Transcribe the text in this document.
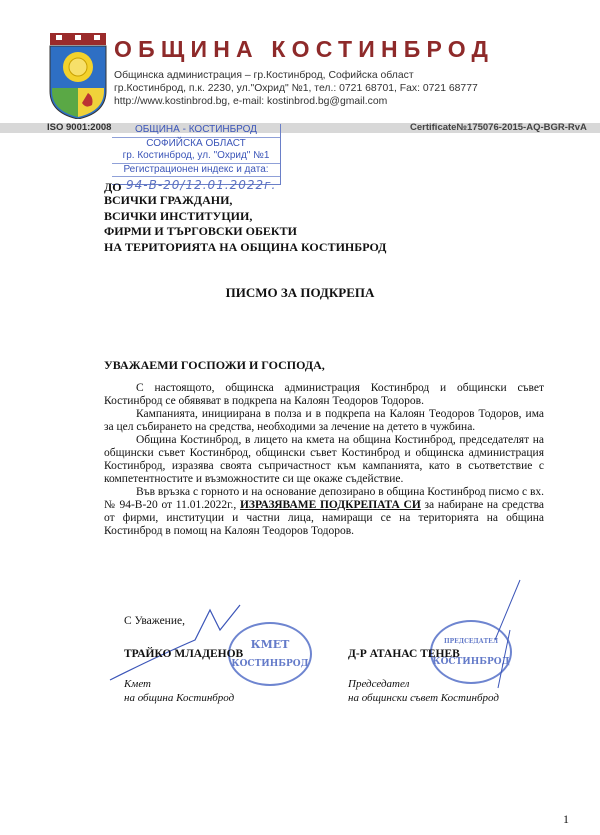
ОБЩИНА КОСТИНБРОД
Общинска администрация – гр.Костинброд, Софийска област
гр.Костинброд, п.к. 2230, ул."Охрид" №1, тел.: 0721 68701, Fax: 0721 68777
http://www.kostinbrod.bg, e-mail: kostinbrod.bg@gmail.com
ISO 9001:2008	Certificate№175076-2015-AQ-BGR-RvA
ОБЩИНА - КОСТИНБРОД
СОФИЙСКА ОБЛАСТ
гр. Костинброд, ул. "Охрид" №1
Регистрационен индекс и дата:
ДО 94-В-20/12.01.2022г.
ВСИЧКИ ГРАЖДАНИ,
ВСИЧКИ ИНСТИТУЦИИ,
ФИРМИ И ТЪРГОВСКИ ОБЕКТИ
НА ТЕРИТОРИЯТА НА ОБЩИНА КОСТИНБРОД
ПИСМО ЗА ПОДКРЕПА
УВАЖАЕМИ ГОСПОЖИ И ГОСПОДА,

С настоящото, общинска администрация Костинброд и общински съвет Костинброд се обявяват в подкрепа на Калоян Теодоров Тодоров.

Кампанията, инициирана в полза и в подкрепа на Калоян Теодоров Тодоров, има за цел събирането на средства, необходими за лечение на детето в чужбина.

Община Костинброд, в лицето на кмета на община Костинброд, председателят на общински съвет Костинброд, общински съвет Костинброд и общинска администрация Костинброд, изразява своята съпричастност към кампанията, като в съответствие с компетентностите и възможностите си ще окаже съдействие.

Във връзка с горното и на основание депозирано в община Костинброд писмо с вх. № 94-В-20 от 11.01.2022г., ИЗРАЗЯВАМЕ ПОДКРЕПАТА СИ за набиране на средства от фирми, институции и частни лица, намиращи се на територията на община Костинброд в помощ на Калоян Теодоров Тодоров.

С Уважение,
КМЕТ
КОСТИНБРОД
ПРЕДСЕДАТЕЛ
КОСТИНБРОД
ТРАЙКО МЛАДЕНОВ	Д-Р АТАНАС ТЕНЕВ
Кмет
на община Костинброд
Председател
на общински съвет Костинброд
1
